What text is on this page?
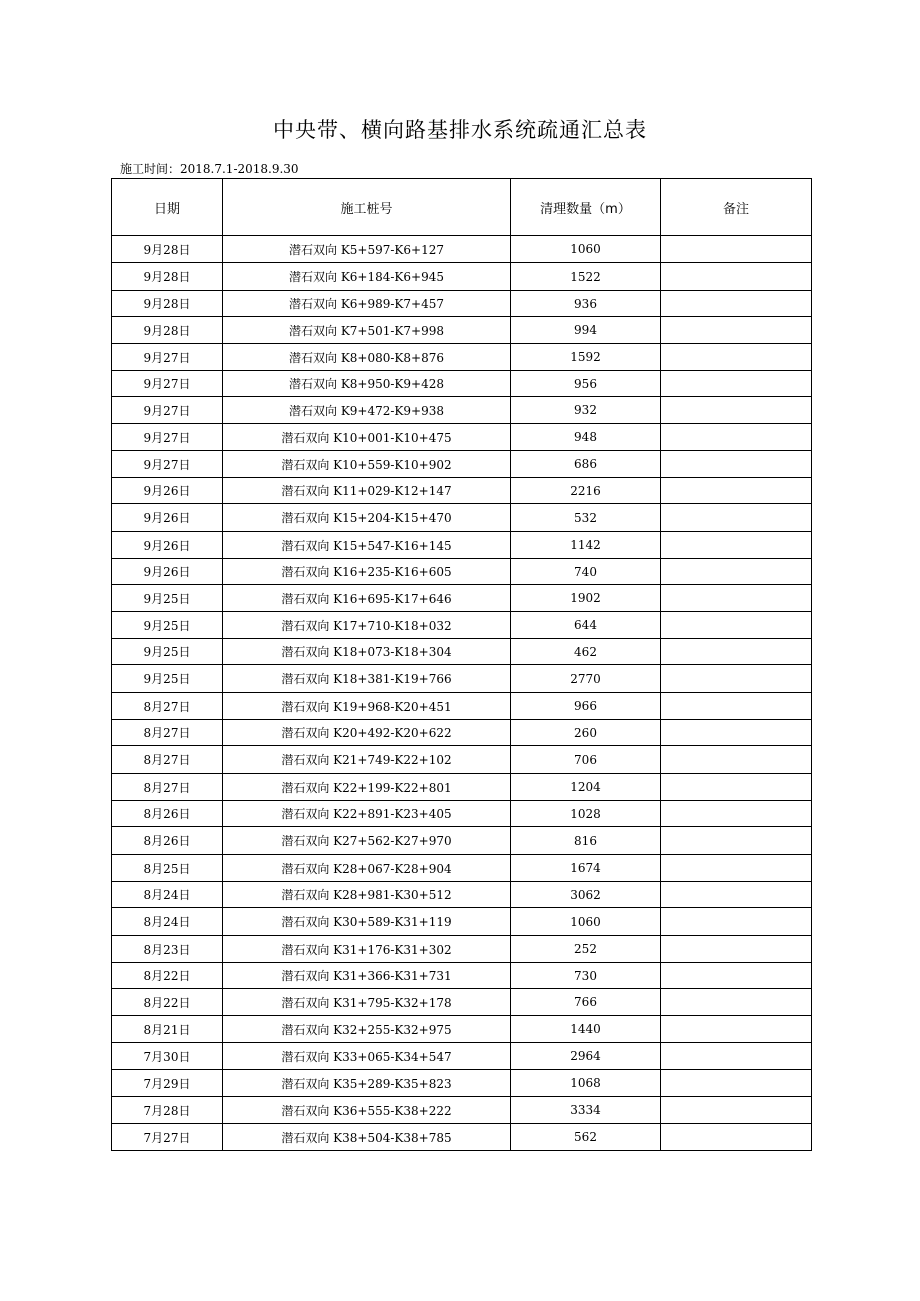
中央带、横向路基排水系统疏通汇总表
施工时间：2018.7.1-2018.9.30
日期	施工桩号	清理数量（m）	备注
9月28日	潜石双向 K5+597-K6+127	1060	
9月28日	潜石双向 K6+184-K6+945	1522	
9月28日	潜石双向 K6+989-K7+457	936	
9月28日	潜石双向 K7+501-K7+998	994	
9月27日	潜石双向 K8+080-K8+876	1592	
9月27日	潜石双向 K8+950-K9+428	956	
9月27日	潜石双向 K9+472-K9+938	932	
9月27日	潜石双向 K10+001-K10+475	948	
9月27日	潜石双向 K10+559-K10+902	686	
9月26日	潜石双向 K11+029-K12+147	2216	
9月26日	潜石双向 K15+204-K15+470	532	
9月26日	潜石双向 K15+547-K16+145	1142	
9月26日	潜石双向 K16+235-K16+605	740	
9月25日	潜石双向 K16+695-K17+646	1902	
9月25日	潜石双向 K17+710-K18+032	644	
9月25日	潜石双向 K18+073-K18+304	462	
9月25日	潜石双向 K18+381-K19+766	2770	
8月27日	潜石双向 K19+968-K20+451	966	
8月27日	潜石双向 K20+492-K20+622	260	
8月27日	潜石双向 K21+749-K22+102	706	
8月27日	潜石双向 K22+199-K22+801	1204	
8月26日	潜石双向 K22+891-K23+405	1028	
8月26日	潜石双向 K27+562-K27+970	816	
8月25日	潜石双向 K28+067-K28+904	1674	
8月24日	潜石双向 K28+981-K30+512	3062	
8月24日	潜石双向 K30+589-K31+119	1060	
8月23日	潜石双向 K31+176-K31+302	252	
8月22日	潜石双向 K31+366-K31+731	730	
8月22日	潜石双向 K31+795-K32+178	766	
8月21日	潜石双向 K32+255-K32+975	1440	
7月30日	潜石双向 K33+065-K34+547	2964	
7月29日	潜石双向 K35+289-K35+823	1068	
7月28日	潜石双向 K36+555-K38+222	3334	
7月27日	潜石双向 K38+504-K38+785	562	
